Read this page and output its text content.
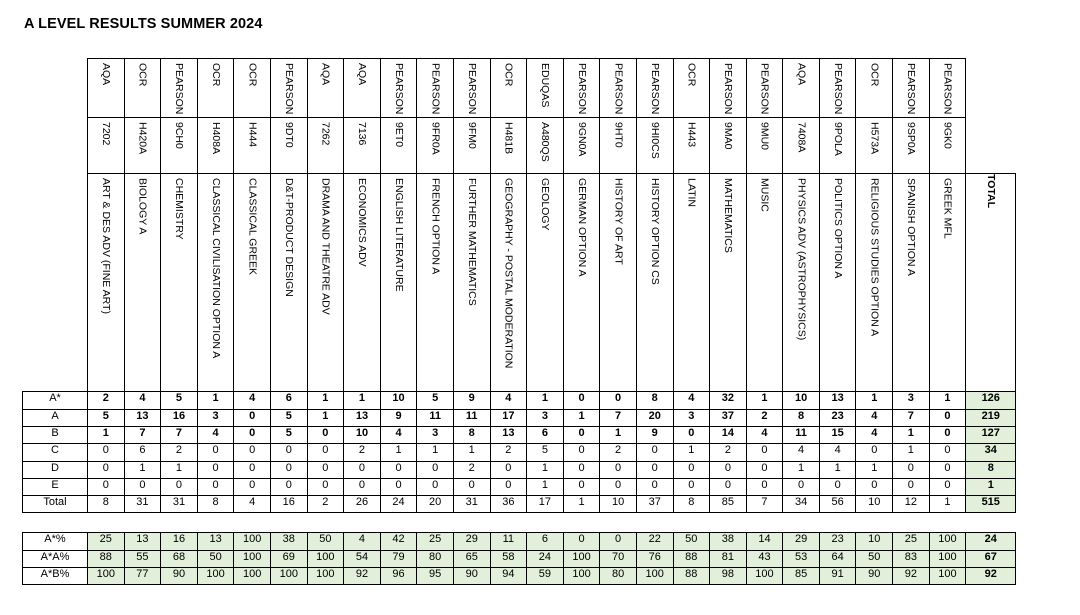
A LEVEL RESULTS SUMMER 2024
	AQA	OCR	PEARSON	OCR	OCR	PEARSON	AQA	AQA	PEARSON	PEARSON	PEARSON	OCR	EDUQAS	PEARSON	PEARSON	PEARSON	OCR	PEARSON	PEARSON	AQA	PEARSON	OCR	PEARSON	PEARSON	
	7202	H420A	9CH0	H408A	H444	9DT0	7262	7136	9ET0	9FR0A	9FM0	H481B	A480QS	9GN0A	9HT0	9HI0CS	H443	9MA0	9MU0	7408A	9POLA	H573A	9SP0A	9GK0	
	ART & DES ADV (FINE ART)	BIOLOGY A	CHEMISTRY	CLASSICAL CIVILISATION OPTION A	CLASSICAL GREEK	D&T-PRODUCT DESIGN	DRAMA AND THEATRE ADV	ECONOMICS ADV	ENGLISH LITERATURE	FRENCH OPTION A	FURTHER MATHEMATICS	GEOGRAPHY - POSTAL MODERATION	GEOLOGY	GERMAN OPTION A	HISTORY OF ART	HISTORY OPTION CS	LATIN	MATHEMATICS	MUSIC	PHYSICS ADV (ASTROPHYSICS)	POLITICS OPTION A	RELIGIOUS STUDIES OPTION A	SPANISH OPTION A	GREEK MFL	TOTAL
A*	2	4	5	1	4	6	1	1	10	5	9	4	1	0	0	8	4	32	1	10	13	1	3	1	126
A	5	13	16	3	0	5	1	13	9	11	11	17	3	1	7	20	3	37	2	8	23	4	7	0	219
B	1	7	7	4	0	5	0	10	4	3	8	13	6	0	1	9	0	14	4	11	15	4	1	0	127
C	0	6	2	0	0	0	0	2	1	1	1	2	5	0	2	0	1	2	0	4	4	0	1	0	34
D	0	1	1	0	0	0	0	0	0	0	2	0	1	0	0	0	0	0	0	1	1	1	0	0	8
E	0	0	0	0	0	0	0	0	0	0	0	0	1	0	0	0	0	0	0	0	0	0	0	0	1
Total	8	31	31	8	4	16	2	26	24	20	31	36	17	1	10	37	8	85	7	34	56	10	12	1	515

A*%	25	13	16	13	100	38	50	4	42	25	29	11	6	0	0	22	50	38	14	29	23	10	25	100	24
A*A%	88	55	68	50	100	69	100	54	79	80	65	58	24	100	70	76	88	81	43	53	64	50	83	100	67
A*B%	100	77	90	100	100	100	100	92	96	95	90	94	59	100	80	100	88	98	100	85	91	90	92	100	92
